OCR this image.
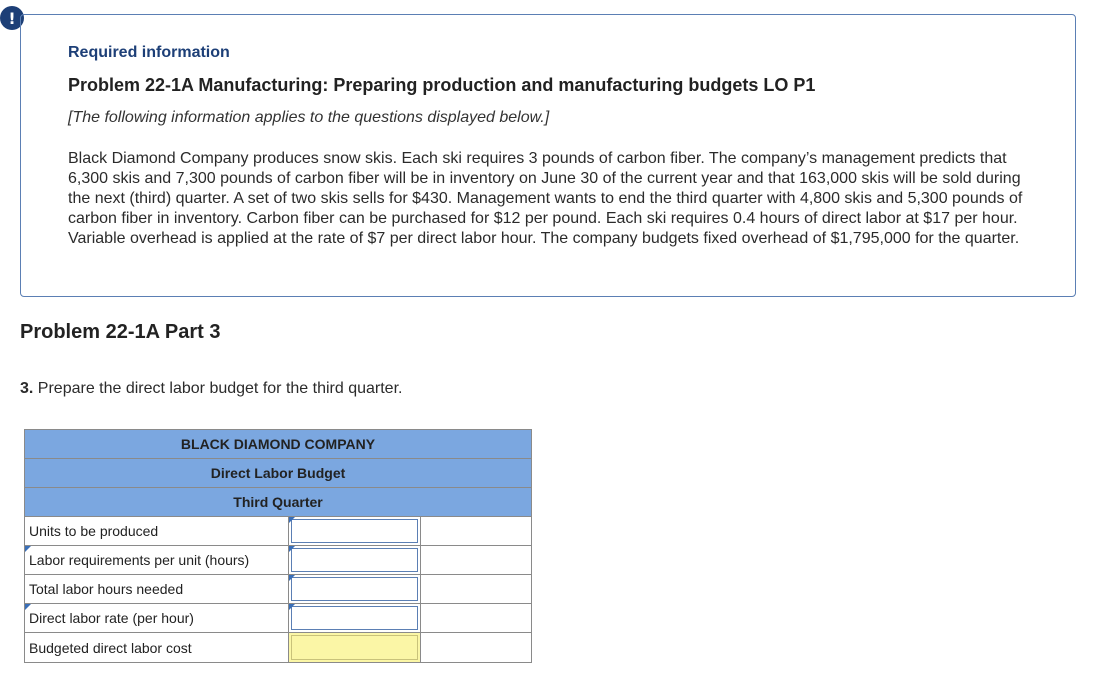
!
Required information
Problem 22-1A Manufacturing: Preparing production and manufacturing budgets LO P1
[The following information applies to the questions displayed below.]
Black Diamond Company produces snow skis. Each ski requires 3 pounds of carbon fiber. The company’s management predicts that 6,300 skis and 7,300 pounds of carbon fiber will be in inventory on June 30 of the current year and that 163,000 skis will be sold during the next (third) quarter. A set of two skis sells for $430. Management wants to end the third quarter with 4,800 skis and 5,300 pounds of carbon fiber in inventory. Carbon fiber can be purchased for $12 per pound. Each ski requires 0.4 hours of direct labor at $17 per hour. Variable overhead is applied at the rate of $7 per direct labor hour. The company budgets fixed overhead of $1,795,000 for the quarter.
Problem 22-1A Part 3
3. Prepare the direct labor budget for the third quarter.
BLACK DIAMOND COMPANY
Direct Labor Budget
Third Quarter
Units to be produced
Labor requirements per unit (hours)
Total labor hours needed
Direct labor rate (per hour)
Budgeted direct labor cost
